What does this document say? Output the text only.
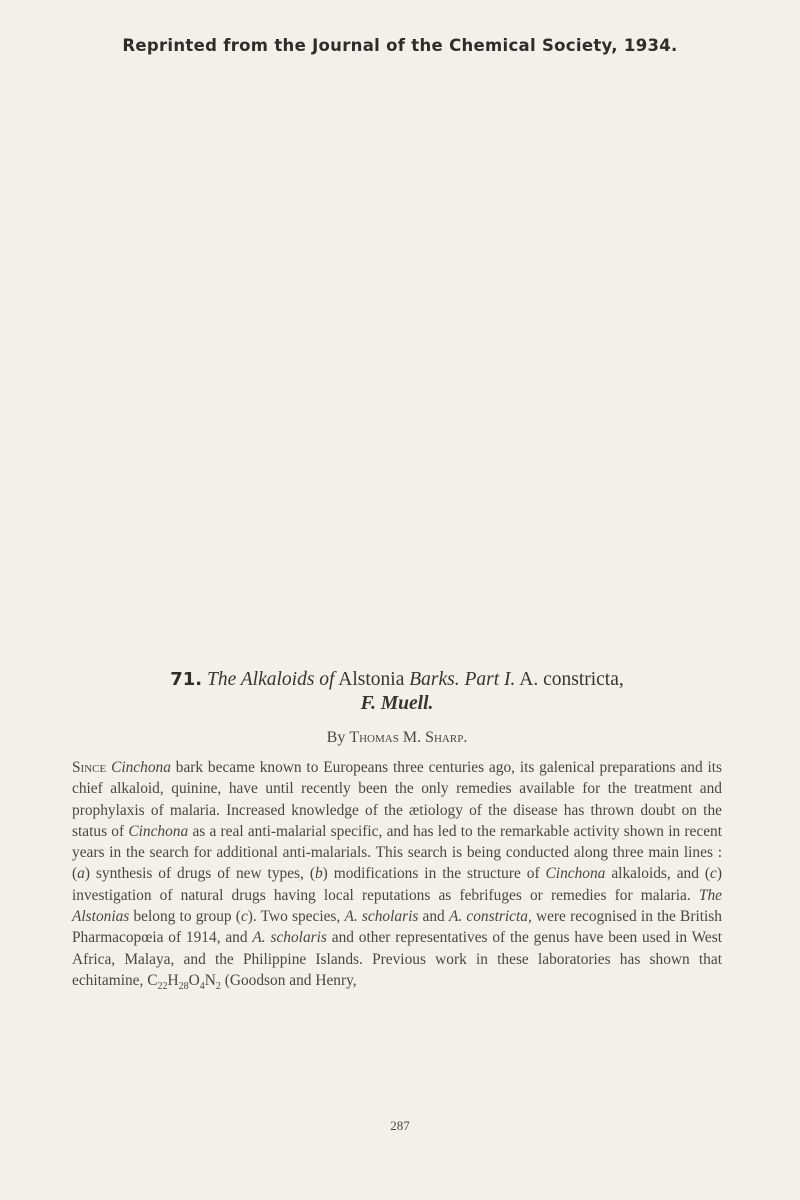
Reprinted from the Journal of the Chemical Society, 1934.
71. The Alkaloids of Alstonia Barks. Part I. A. constricta,
F. Muell.
By Thomas M. Sharp.
Since Cinchona bark became known to Europeans three centuries ago, its galenical preparations and its chief alkaloid, quinine, have until recently been the only remedies available for the treatment and prophylaxis of malaria. Increased knowledge of the ætiology of the disease has thrown doubt on the status of Cinchona as a real anti-malarial specific, and has led to the remarkable activity shown in recent years in the search for additional anti-malarials. This search is being conducted along three main lines : (a) synthesis of drugs of new types, (b) modifications in the structure of Cinchona alkaloids, and (c) investigation of natural drugs having local reputations as febrifuges or remedies for malaria. The Alstonias belong to group (c). Two species, A. scholaris and A. constricta, were recognised in the British Pharmacopœia of 1914, and A. scholaris and other representatives of the genus have been used in West Africa, Malaya, and the Philippine Islands. Previous work in these laboratories has shown that echitamine, $C_{22}H_{28}O_4N_2$ (Goodson and Henry,
287
